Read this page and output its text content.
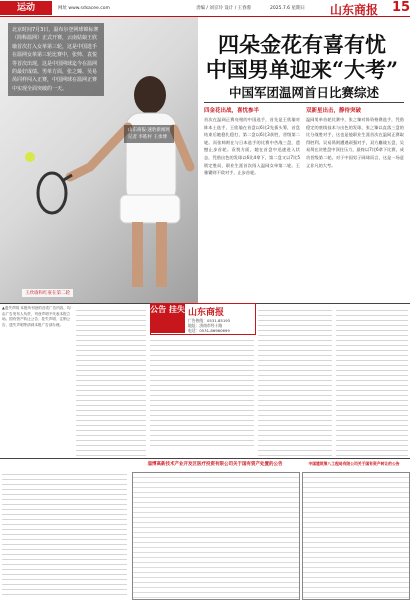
运动	网址 www.sdsacee.com	责编 / 刘京玲 设计 / 王春蓉	2025.7.6 星期日 山东商报 15
北京时间7月3日，温布尔登网球锦标赛（简称温网）正式开赛，云南姑娘王欣瑜首次打入女单第三轮，这是中国选手在温网女单第三轮比赛中，张帅、袁悦等首次出现，这是中国网球迄今在温网的最好成绩。男单方面，张之臻、吴易昺同样闯入正赛，中国网球在温网正赛中实现全面突破的一天。
山东商报·速豹新闻网
记者 李皓村 王承博
王欣瑜和红豪在第二轮
四朵金花有喜有忧
中国男单迎来“大考”
中国军团温网首日比赛综述
四金花出战，喜忧参半
首次在温网正赛亮相的中国选手，首先是王欣瑜对阵本土选手，王欣瑜在首盘以6比2先拔头筹，首盘结束后她稳扎稳打，第二盘以6比3获胜，晋级第二轮。而张帅则在与日本选手的比赛中苦战三盘，遗憾止步首轮。袁悦方面，她在首盘中迅速进入状态，凭借出色的发球以6比4拿下，第二盘又以7比5锁定胜局，职业生涯首次闯入温网女单第二轮。王雅繁则不敌对手，止步首轮。
双新星出击，静待突破
温网男单首轮比赛中，张之臻对阵资格赛选手，凭借稳定的底线技术与出色的发球，张之臻以直落三盘的比分战胜对手，这也是他职业生涯首次在温网正赛取得胜利。吴易昺则遭遇顽强对手，双方鏖战五盘，吴易昺在决胜盘中顶住压力，最终以7比6拿下比赛，成功晋级第二轮。对于中国男子网球而言，这是一场意义非凡的大考。
公告 挂失 山东商报
广告热线：0531-85193
地址：济南市经十路
电话：0531-86960699
▲遗失声明 本报所刊登的各类广告内容，均由广告发布人负责，刊登声明不代表本报立场。国有资产转让公告、挂失声明、注销公告、遗失声明等请到本报广告部办理。
淄博高新技术产业开发区医疗投资有限公司关于国有资产处置的公告	中国建筑第八工程局有限公司关于国有资产转让的公告
